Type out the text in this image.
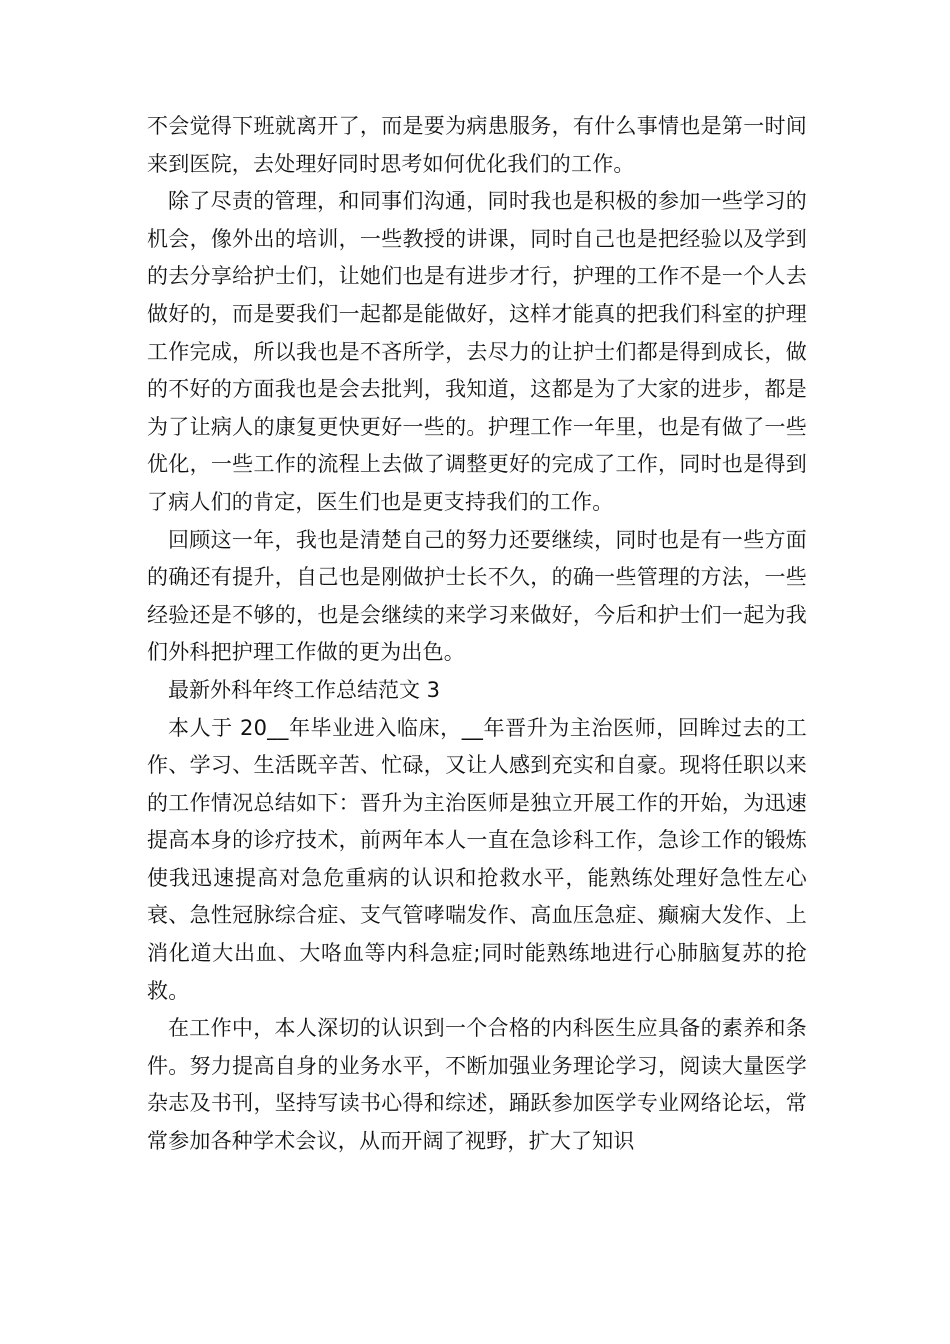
不会觉得下班就离开了，而是要为病患服务，有什么事情也是第一时间来到医院，去处理好同时思考如何优化我们的工作。

除了尽责的管理，和同事们沟通，同时我也是积极的参加一些学习的机会，像外出的培训，一些教授的讲课，同时自己也是把经验以及学到的去分享给护士们，让她们也是有进步才行，护理的工作不是一个人去做好的，而是要我们一起都是能做好，这样才能真的把我们科室的护理工作完成，所以我也是不吝所学，去尽力的让护士们都是得到成长，做的不好的方面我也是会去批判，我知道，这都是为了大家的进步，都是为了让病人的康复更快更好一些的。护理工作一年里，也是有做了一些优化，一些工作的流程上去做了调整更好的完成了工作，同时也是得到了病人们的肯定，医生们也是更支持我们的工作。

回顾这一年，我也是清楚自己的努力还要继续，同时也是有一些方面的确还有提升，自己也是刚做护士长不久，的确一些管理的方法，一些经验还是不够的，也是会继续的来学习来做好，今后和护士们一起为我们外科把护理工作做的更为出色。

最新外科年终工作总结范文 3

本人于 20__年毕业进入临床，__年晋升为主治医师，回眸过去的工作、学习、生活既辛苦、忙碌，又让人感到充实和自豪。现将任职以来的工作情况总结如下：晋升为主治医师是独立开展工作的开始，为迅速提高本身的诊疗技术，前两年本人一直在急诊科工作，急诊工作的锻炼使我迅速提高对急危重病的认识和抢救水平，能熟练处理好急性左心衰、急性冠脉综合症、支气管哮喘发作、高血压急症、癫痫大发作、上消化道大出血、大咯血等内科急症;同时能熟练地进行心肺脑复苏的抢救。

在工作中，本人深切的认识到一个合格的内科医生应具备的素养和条件。努力提高自身的业务水平，不断加强业务理论学习，阅读大量医学杂志及书刊，坚持写读书心得和综述，踊跃参加医学专业网络论坛，常常参加各种学术会议，从而开阔了视野，扩大了知识
